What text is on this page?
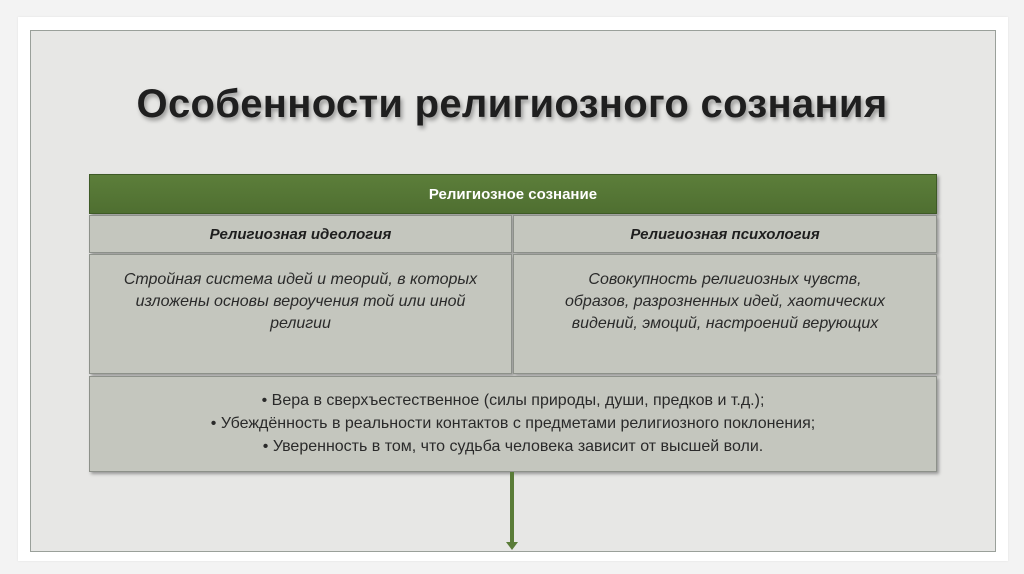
Особенности религиозного сознания
Религиозное сознание
Религиозная идеология	Религиозная психология
Стройная система идей и теорий, в которых изложены основы вероучения той или иной религии
Совокупность религиозных чувств, образов, разрозненных идей, хаотических видений, эмоций, настроений верующих
• Вера в сверхъестественное (силы природы, души, предков и т.д.);
• Убеждённость в реальности контактов с предметами религиозного поклонения;
• Уверенность в том, что судьба человека зависит от высшей воли.
